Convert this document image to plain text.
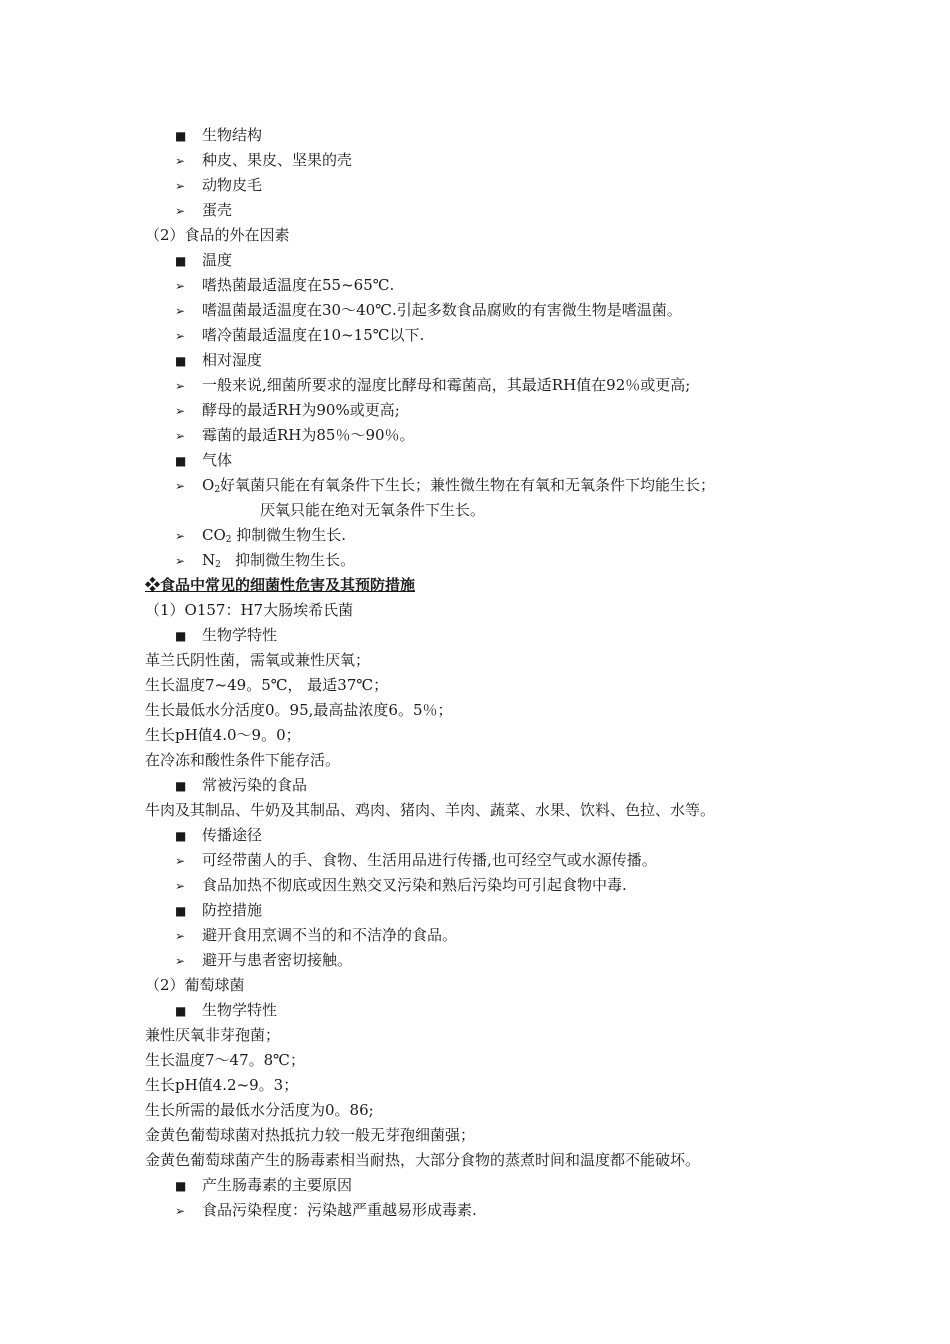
■ 生物结构
➢ 种皮、果皮、坚果的壳
➢ 动物皮毛
➢ 蛋壳
（2）食品的外在因素
■ 温度
➢ 嗜热菌最适温度在55~65℃.
➢ 嗜温菌最适温度在30～40℃.引起多数食品腐败的有害微生物是嗜温菌。
➢ 嗜冷菌最适温度在10~15℃以下.
■ 相对湿度
➢ 一般来说,细菌所要求的湿度比酵母和霉菌高，其最适RH值在92％或更高;
➢ 酵母的最适RH为90%或更高;
➢ 霉菌的最适RH为85％～90％。
■ 气体
➢ $O_2$好氧菌只能在有氧条件下生长；兼性微生物在有氧和无氧条件下均能生长；
厌氧只能在绝对无氧条件下生长。
➢ $CO_2$ 抑制微生物生长.
➢ $N_2$   抑制微生物生长。
❖食品中常见的细菌性危害及其预防措施
（1）O157：H7大肠埃希氏菌
■ 生物学特性
革兰氏阴性菌，需氧或兼性厌氧；
生长温度7~49。5℃， 最适37℃；
生长最低水分活度0。95,最高盐浓度6。5％；
生长pH值4.0～9。0；
在冷冻和酸性条件下能存活。
■ 常被污染的食品
牛肉及其制品、牛奶及其制品、鸡肉、猪肉、羊肉、蔬菜、水果、饮料、色拉、水等。
■ 传播途径
➢ 可经带菌人的手、食物、生活用品进行传播,也可经空气或水源传播。
➢ 食品加热不彻底或因生熟交叉污染和熟后污染均可引起食物中毒.
■ 防控措施
➢ 避开食用烹调不当的和不洁净的食品。
➢ 避开与患者密切接触。
（2）葡萄球菌
■ 生物学特性
兼性厌氧非芽孢菌；
生长温度7～47。8℃；
生长pH值4.2~9。3；
生长所需的最低水分活度为0。86;
金黄色葡萄球菌对热抵抗力较一般无芽孢细菌强；
金黄色葡萄球菌产生的肠毒素相当耐热，大部分食物的蒸煮时间和温度都不能破坏。
■ 产生肠毒素的主要原因
➢ 食品污染程度：污染越严重越易形成毒素.
